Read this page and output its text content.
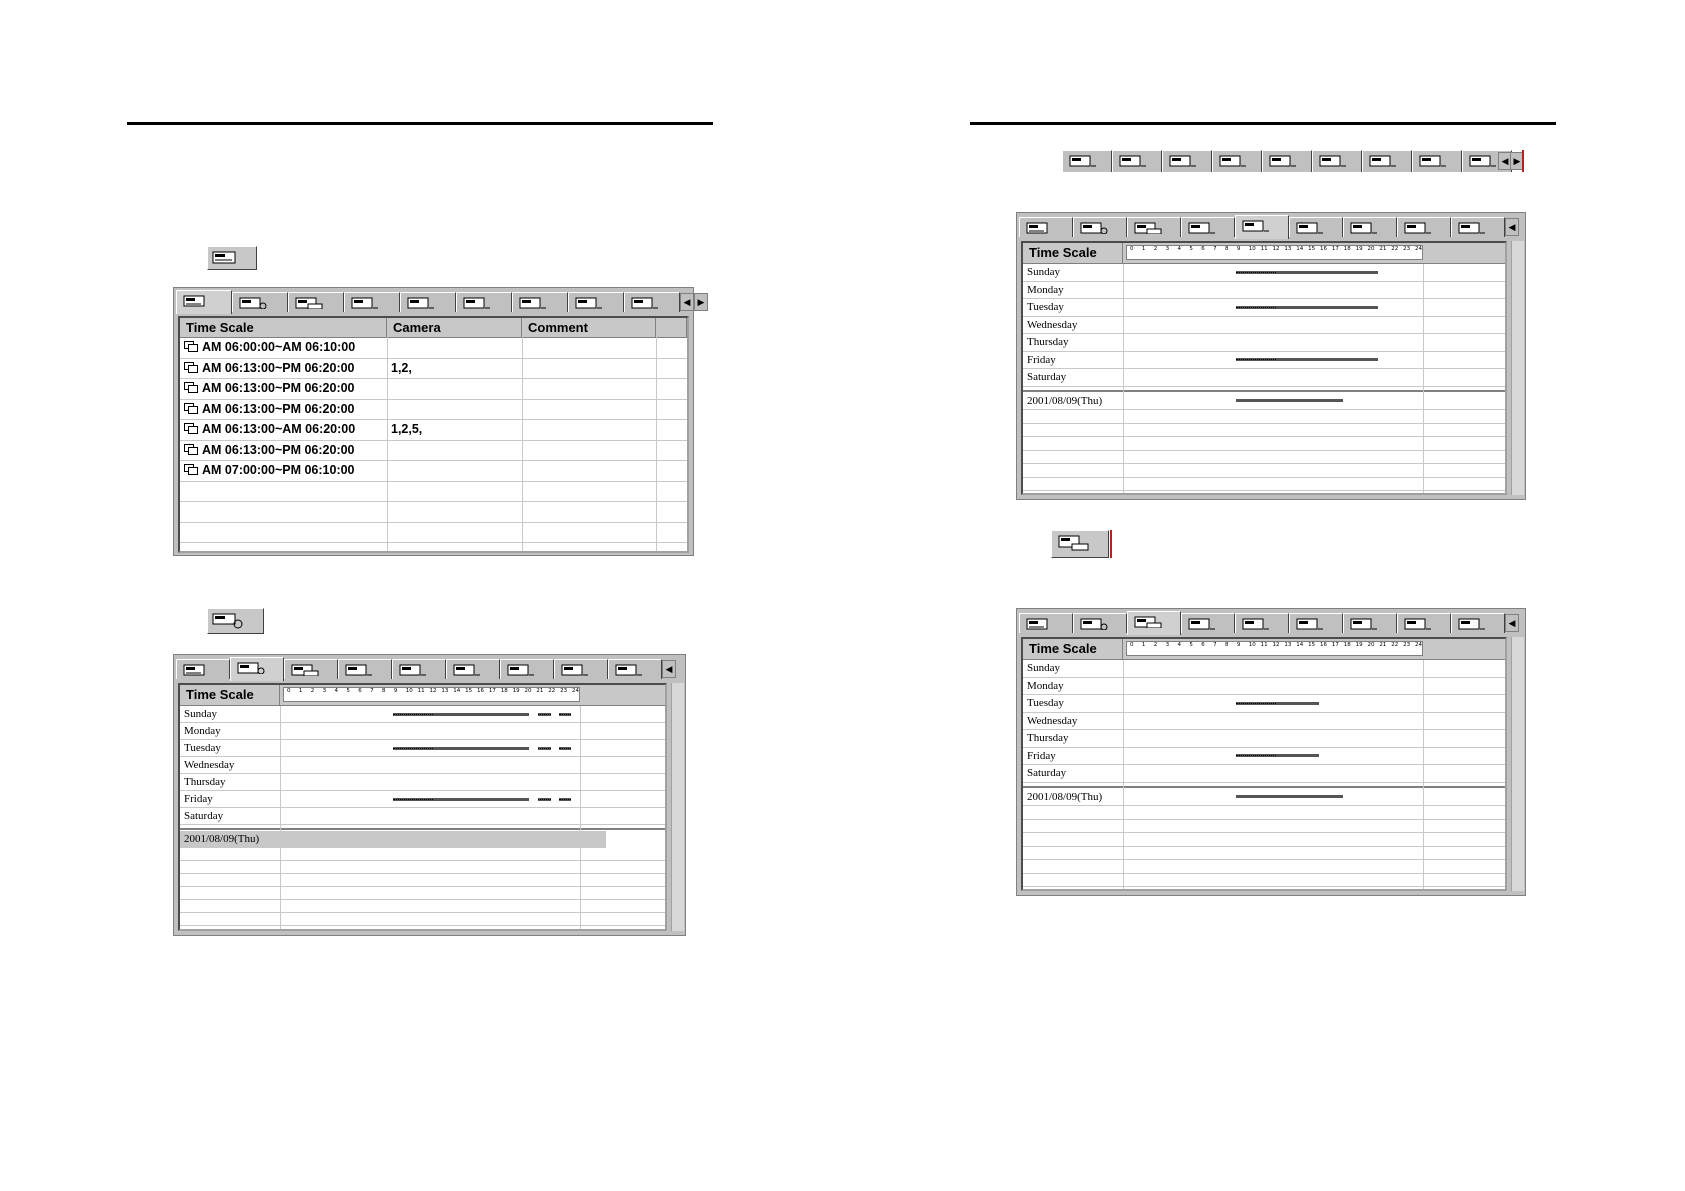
◀ ▶
Time Scale	Camera	Comment
AM 06:00:00~AM 06:10:00
AM 06:13:00~PM 06:20:00	1,2,
AM 06:13:00~PM 06:20:00
AM 06:13:00~PM 06:20:00
AM 06:13:00~AM 06:20:00	1,2,5,
AM 06:13:00~PM 06:20:00
AM 07:00:00~PM 06:10:00
◀
Time Scale	0 1 2 3 4 5 6 7 8 9 10 11 12 13 14 15 16 17 18 19 20 21 22 23 24
Sunday
Monday
Tuesday
Wednesday
Thursday
Friday
Saturday
2001/08/09(Thu)
◀ ▶
◀
Time Scale	0 1 2 3 4 5 6 7 8 9 10 11 12 13 14 15 16 17 18 19 20 21 22 23 24
Sunday
Monday
Tuesday
Wednesday
Thursday
Friday
Saturday
2001/08/09(Thu)
◀
Time Scale	0 1 2 3 4 5 6 7 8 9 10 11 12 13 14 15 16 17 18 19 20 21 22 23 24
Sunday
Monday
Tuesday
Wednesday
Thursday
Friday
Saturday
2001/08/09(Thu)
